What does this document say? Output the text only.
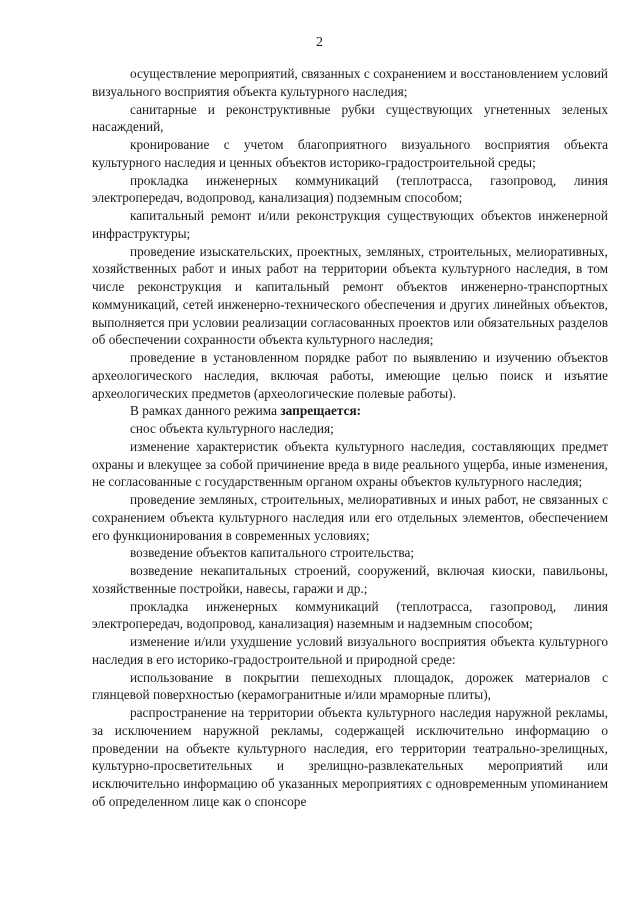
2

осуществление мероприятий, связанных с сохранением и восстановлением условий визуального восприятия объекта культурного наследия;

санитарные и реконструктивные рубки существующих угнетенных зеленых насаждений,

кронирование с учетом благоприятного визуального восприятия объекта культурного наследия и ценных объектов историко-градостроительной среды;

прокладка инженерных коммуникаций (теплотрасса, газопровод, линия электропередач, водопровод, канализация) подземным способом;

капитальный ремонт и/или реконструкция существующих объектов инженерной инфраструктуры;

проведение изыскательских, проектных, земляных, строительных, мелиоративных, хозяйственных работ и иных работ на территории объекта культурного наследия, в том числе реконструкция и капитальный ремонт объектов инженерно-транспортных коммуникаций, сетей инженерно-технического обеспечения и других линейных объектов, выполняется при условии реализации согласованных проектов или обязательных разделов об обеспечении сохранности объекта культурного наследия;

проведение в установленном порядке работ по выявлению и изучению объектов археологического наследия, включая работы, имеющие целью поиск и изъятие археологических предметов (археологические полевые работы).

В рамках данного режима запрещается:

снос объекта культурного наследия;

изменение характеристик объекта культурного наследия, составляющих предмет охраны и влекущее за собой причинение вреда в виде реального ущерба, иные изменения, не согласованные с государственным органом охраны объектов культурного наследия;

проведение земляных, строительных, мелиоративных и иных работ, не связанных с сохранением объекта культурного наследия или его отдельных элементов, обеспечением его функционирования в современных условиях;

возведение объектов капитального строительства;

возведение некапитальных строений, сооружений, включая киоски, павильоны, хозяйственные постройки, навесы, гаражи и др.;

прокладка инженерных коммуникаций (теплотрасса, газопровод, линия электропередач, водопровод, канализация) наземным и надземным способом;

изменение и/или ухудшение условий визуального восприятия объекта культурного наследия в его историко-градостроительной и природной среде:

использование в покрытии пешеходных площадок, дорожек материалов с глянцевой поверхностью (керамогранитные и/или мраморные плиты),

распространение на территории объекта культурного наследия наружной рекламы, за исключением наружной рекламы, содержащей исключительно информацию о проведении на объекте культурного наследия, его территории театрально-зрелищных, культурно-просветительных и зрелищно-развлекательных мероприятий или исключительно информацию об указанных мероприятиях с одновременным упоминанием об определенном лице как о спонсоре
